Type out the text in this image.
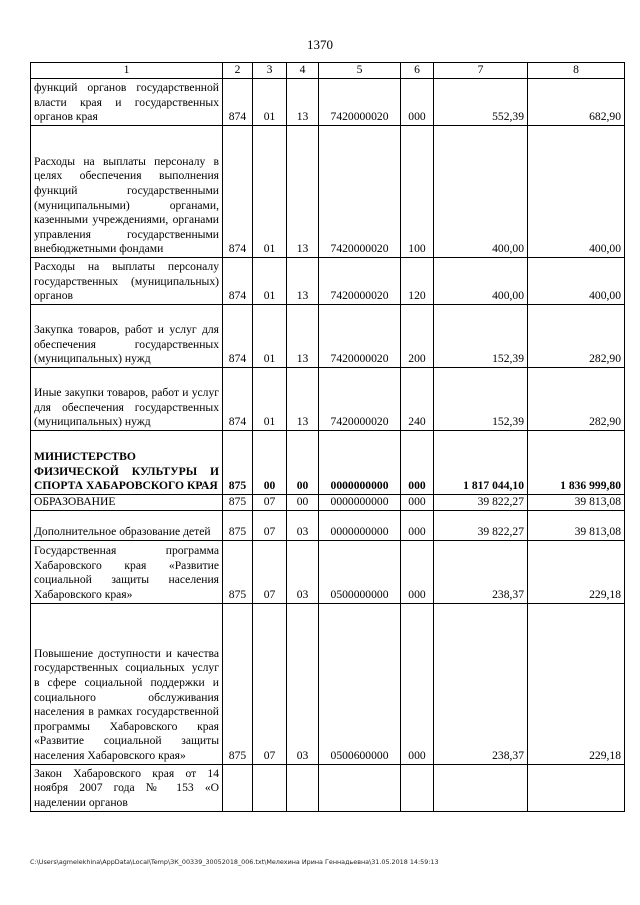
1370
1	2	3	4	5	6	7	8
функций органов государственной власти края и государственных органов края	874	01	13	7420000020	000	552,39	682,90
Расходы на выплаты персоналу в целях обеспечения выполнения функций государственными (муниципальными) органами, казенными учреждениями, органами управления государственными внебюджетными фондами	874	01	13	7420000020	100	400,00	400,00
Расходы на выплаты персоналу государственных (муниципальных) органов	874	01	13	7420000020	120	400,00	400,00
Закупка товаров, работ и услуг для обеспечения государственных (муниципальных) нужд	874	01	13	7420000020	200	152,39	282,90
Иные закупки товаров, работ и услуг для обеспечения государственных (муниципальных) нужд	874	01	13	7420000020	240	152,39	282,90
МИНИСТЕРСТВО ФИЗИЧЕСКОЙ КУЛЬТУРЫ И СПОРТА ХАБАРОВСКОГО КРАЯ	875	00	00	0000000000	000	1 817 044,10	1 836 999,80
ОБРАЗОВАНИЕ	875	07	00	0000000000	000	39 822,27	39 813,08
Дополнительное образование детей	875	07	03	0000000000	000	39 822,27	39 813,08
Государственная программа Хабаровского края «Развитие социальной защиты населения Хабаровского края»	875	07	03	0500000000	000	238,37	229,18
Повышение доступности и качества государственных социальных услуг в сфере социальной поддержки и социального обслуживания населения в рамках государственной программы Хабаровского края «Развитие социальной защиты населения Хабаровского края»	875	07	03	0500600000	000	238,37	229,18
Закон Хабаровского края от 14 ноября 2007 года № 153 «О наделении органов							
C:\Users\agmelekhina\AppData\Local\Temp\ЗК_00339_30052018_006.txt\Мелехина Ирина Геннадьевна\31.05.2018 14:59:13
